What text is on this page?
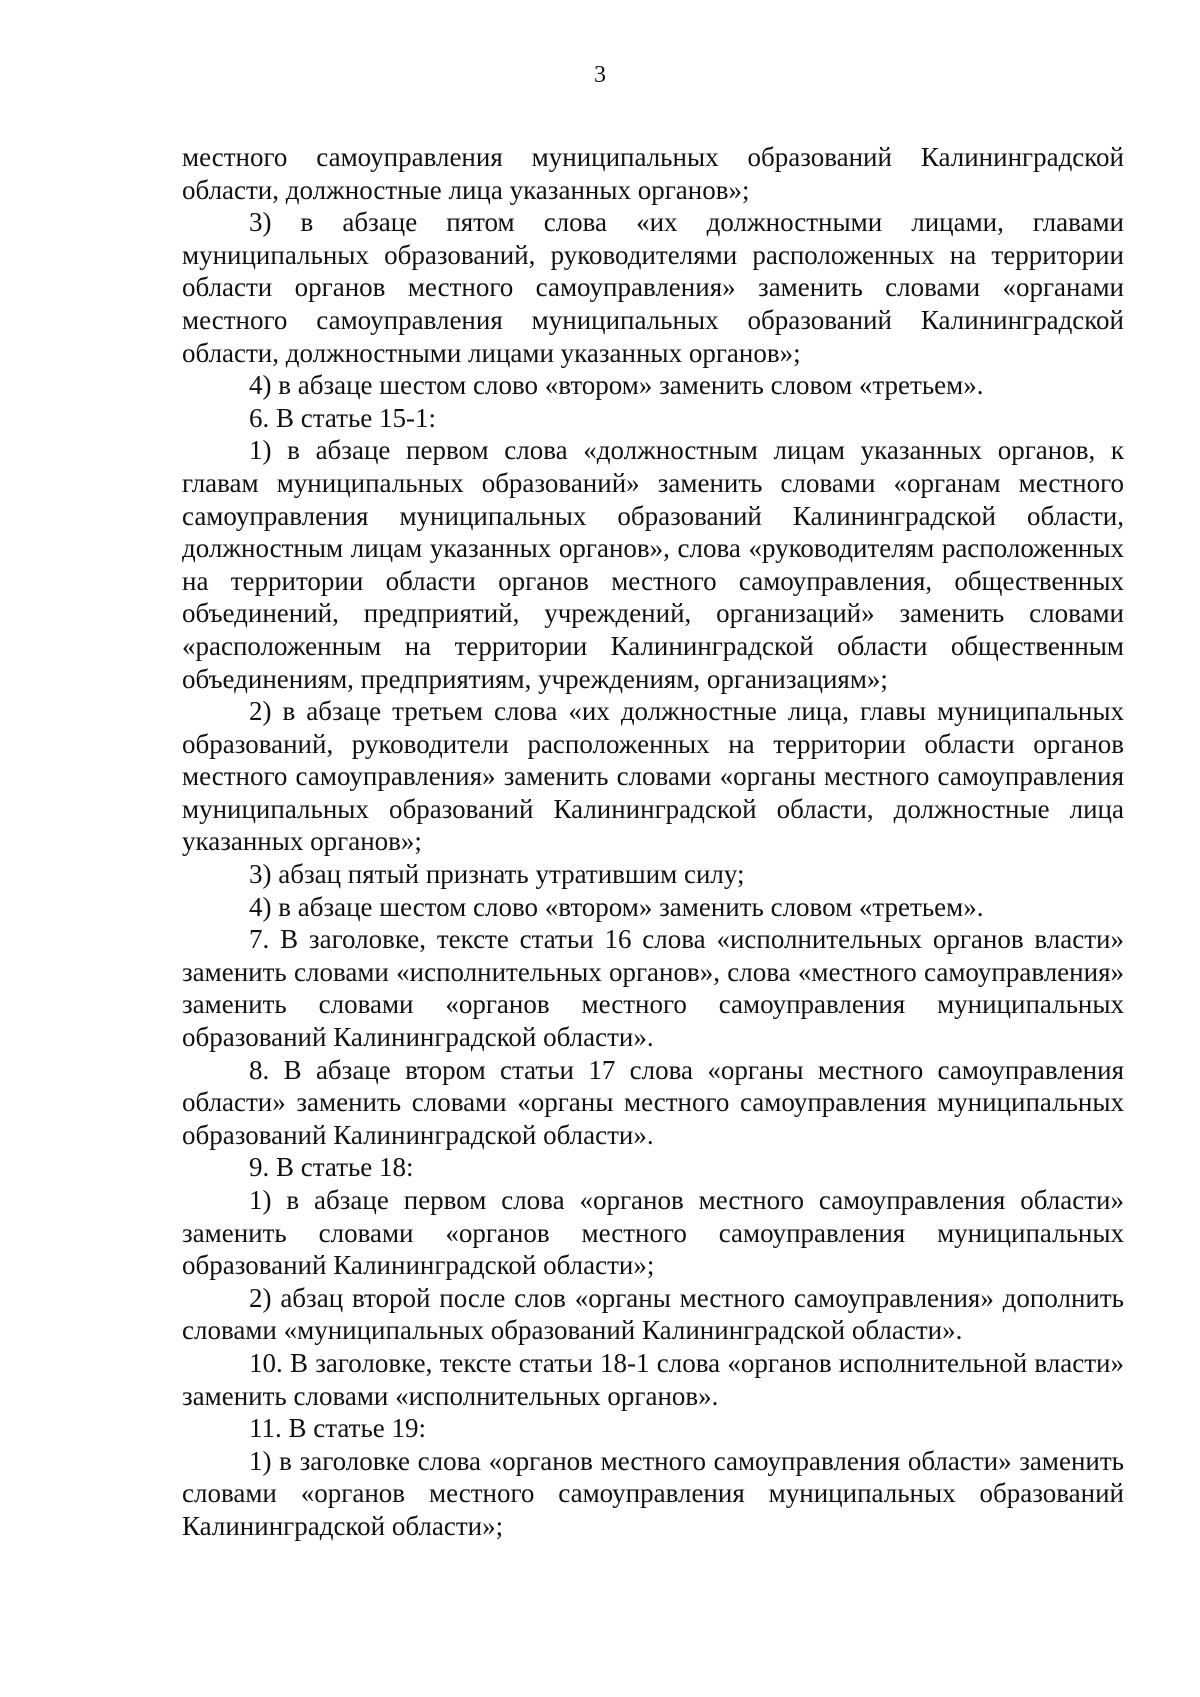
3

местного самоуправления муниципальных образований Калининградской области, должностные лица указанных органов»;

3) в абзаце пятом слова «их должностными лицами, главами муниципальных образований, руководителями расположенных на территории области органов местного самоуправления» заменить словами «органами местного самоуправления муниципальных образований Калининградской области, должностными лицами указанных органов»;

4) в абзаце шестом слово «втором» заменить словом «третьем».

6. В статье 15-1:

1) в абзаце первом слова «должностным лицам указанных органов, к главам муниципальных образований» заменить словами «органам местного самоуправления муниципальных образований Калининградской области, должностным лицам указанных органов», слова «руководителям расположенных на территории области органов местного самоуправления, общественных объединений, предприятий, учреждений, организаций» заменить словами «расположенным на территории Калининградской области общественным объединениям, предприятиям, учреждениям, организациям»;

2) в абзаце третьем слова «их должностные лица, главы муниципальных образований, руководители расположенных на территории области органов местного самоуправления» заменить словами «органы местного самоуправления муниципальных образований Калининградской области, должностные лица указанных органов»;

3) абзац пятый признать утратившим силу;

4) в абзаце шестом слово «втором» заменить словом «третьем».

7. В заголовке, тексте статьи 16 слова «исполнительных органов власти» заменить словами «исполнительных органов», слова «местного самоуправления» заменить словами «органов местного самоуправления муниципальных образований Калининградской области».

8. В абзаце втором статьи 17 слова «органы местного самоуправления области» заменить словами «органы местного самоуправления муниципальных образований Калининградской области».

9. В статье 18:

1) в абзаце первом слова «органов местного самоуправления области» заменить словами «органов местного самоуправления муниципальных образований Калининградской области»;

2) абзац второй после слов «органы местного самоуправления» дополнить словами «муниципальных образований Калининградской области».

10. В заголовке, тексте статьи 18-1 слова «органов исполнительной власти» заменить словами «исполнительных органов».

11. В статье 19:

1) в заголовке слова «органов местного самоуправления области» заменить словами «органов местного самоуправления муниципальных образований Калининградской области»;
